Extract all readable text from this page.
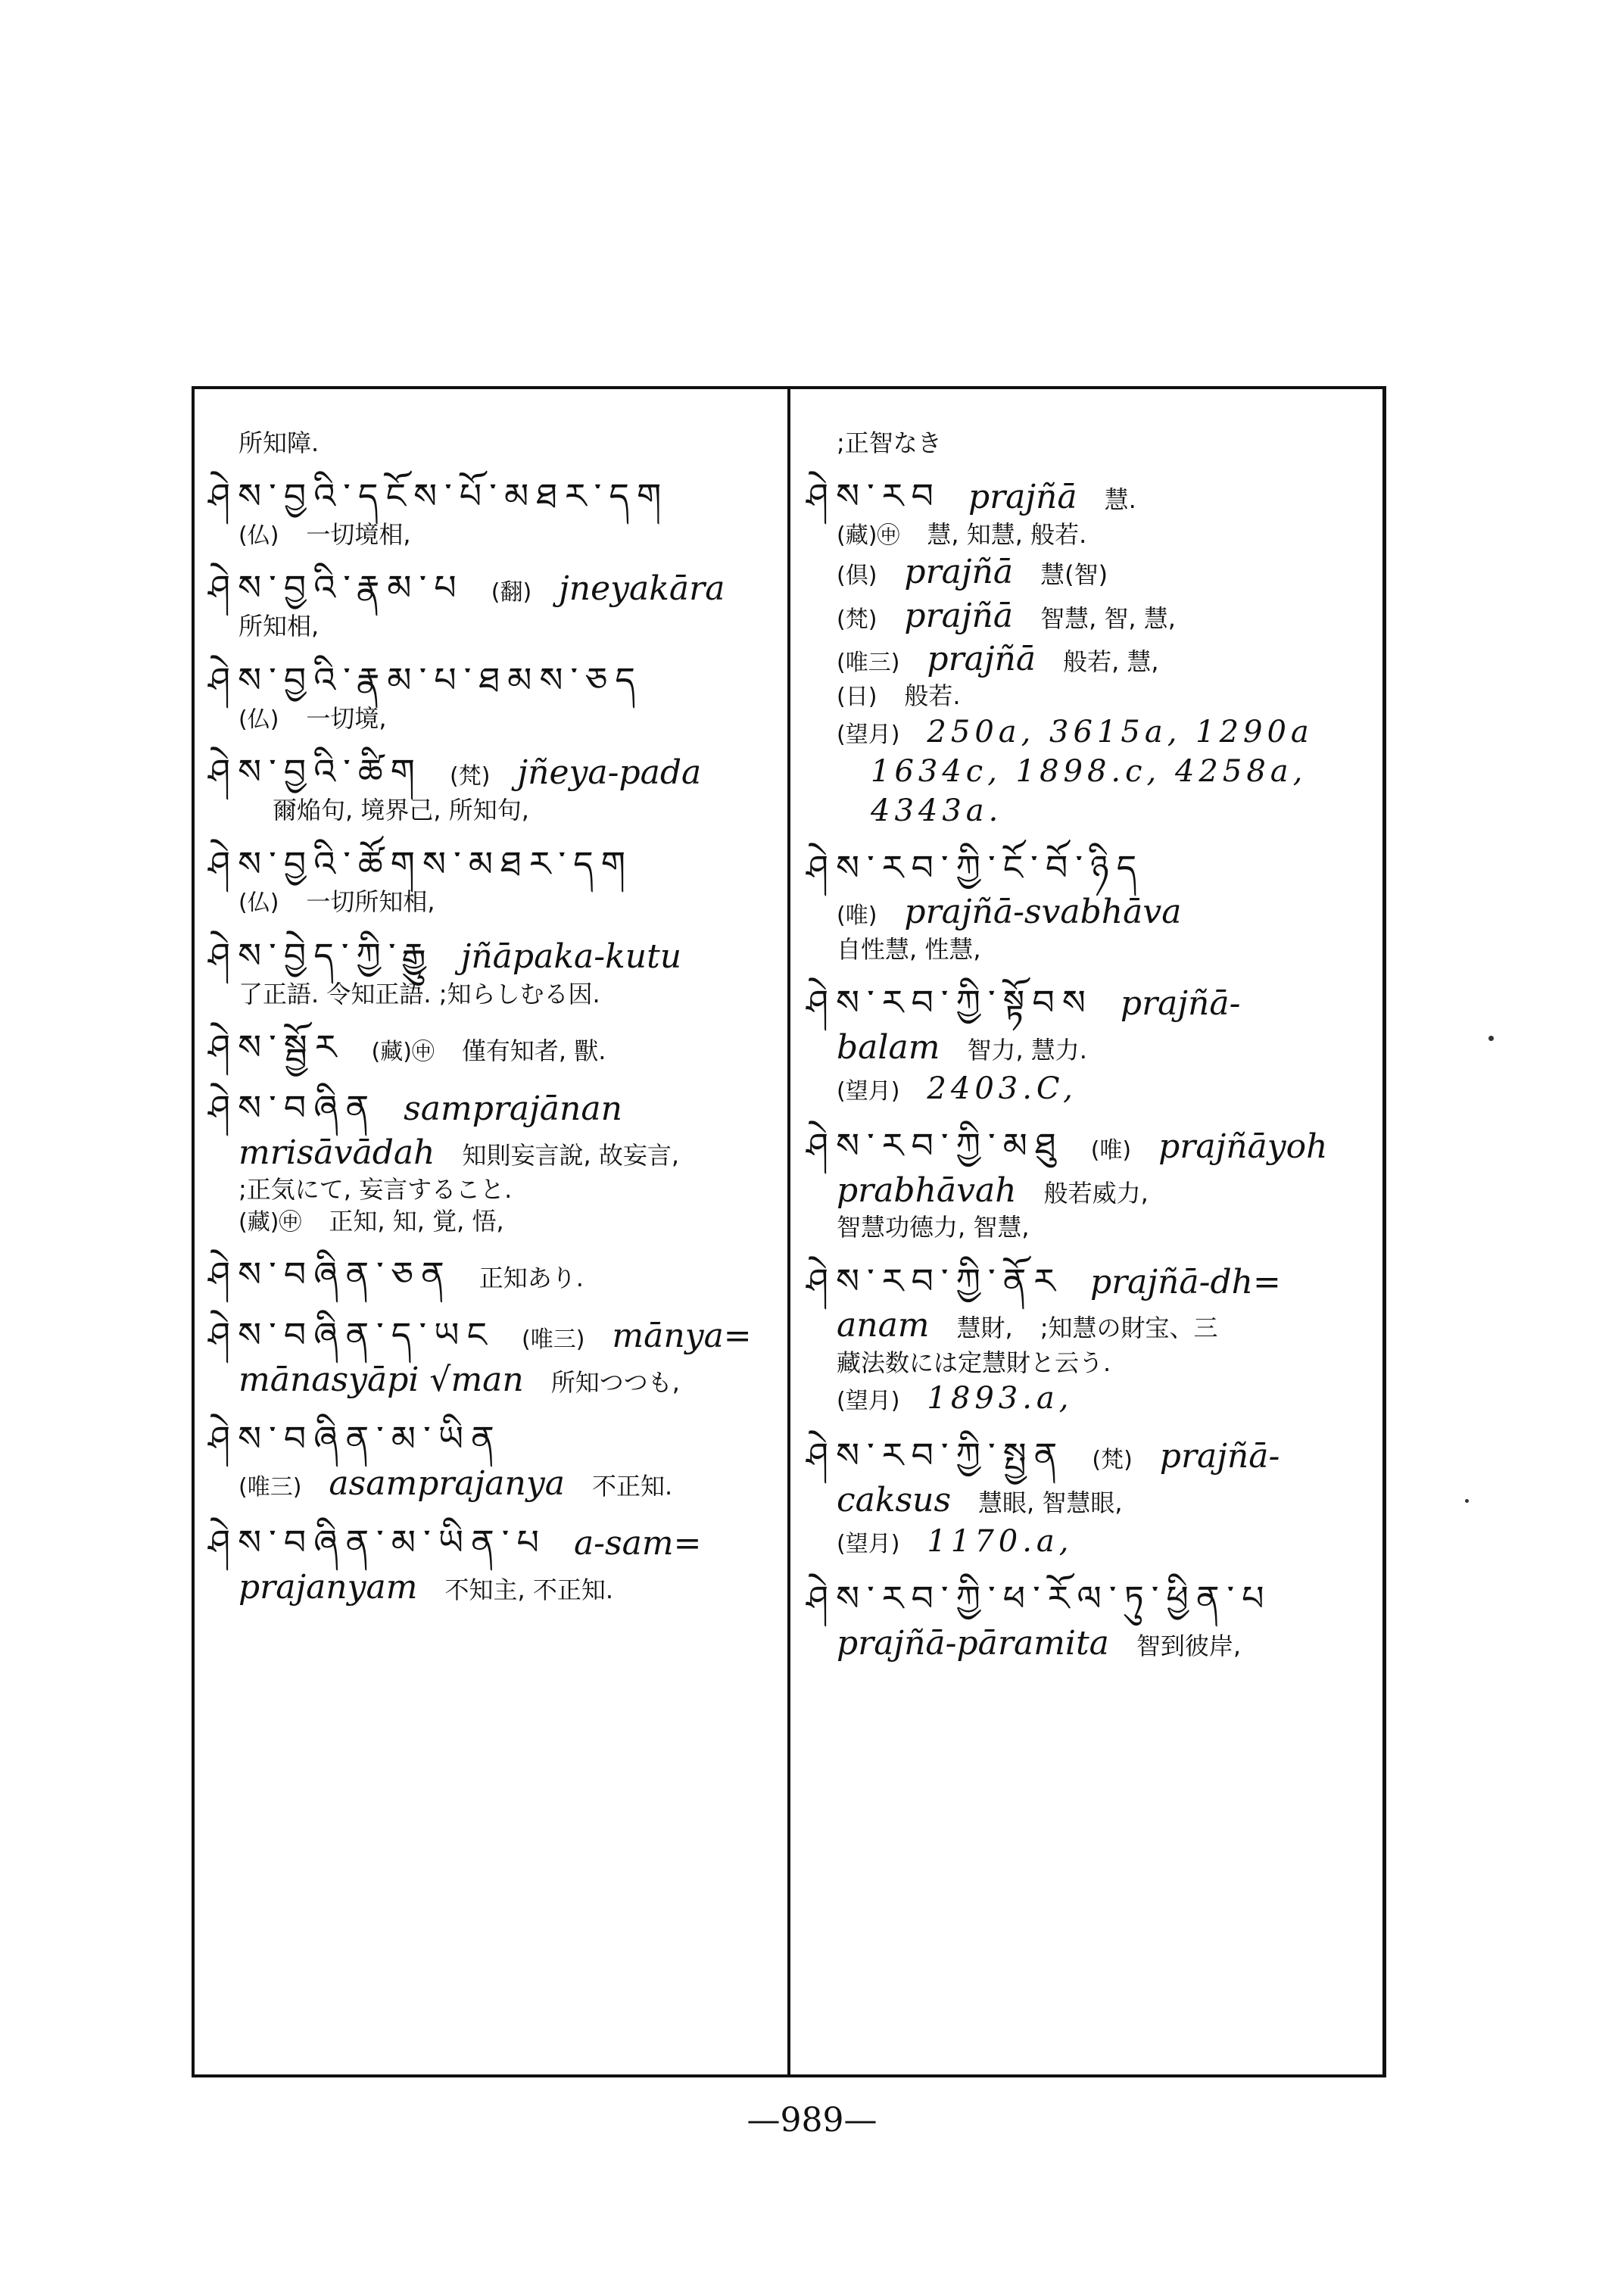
所知障.
ཤེས་བྱའི་དངོས་པོ་མཐར་དག
(仏) 一切境相,
ཤེས་བྱའི་རྣམ་པ (翻) jneyakāra
所知相,
ཤེས་བྱའི་རྣམ་པ་ཐམས་ཅད
(仏) 一切境,
ཤེས་བྱའི་ཚིག (梵) jñeya-pada
爾焔句, 境界己, 所知句,
ཤེས་བྱའི་ཚོགས་མཐར་དག
(仏) 一切所知相,
ཤེས་བྱེད་ཀྱི་རྒྱུ jñāpaka-kutu
了正語. 令知正語. ;知らしむる因.
ཤེས་སྦྱོར (藏)㊥ 僅有知者, 獸.
ཤེས་བཞིན samprajānan
mrisāvādah 知則妄言說, 故妄言,
;正気にて, 妄言すること.
(藏)㊥ 正知, 知, 覚, 悟,
ཤེས་བཞིན་ཅན 正知あり.
ཤེས་བཞིན་ད་ཡང (唯三) mānya=
mānasyāpi √man 所知つつも,
ཤེས་བཞིན་མ་ཡིན
(唯三) asamprajanya 不正知.
ཤེས་བཞིན་མ་ཡིན་པ a-sam=
prajanyam 不知主, 不正知.
;正智なき
ཤེས་རབ prajñā 慧.
(藏)㊥ 慧, 知慧, 般若.
(倶) prajñā 慧(智)
(梵) prajñā 智慧, 智, 慧,
(唯三) prajñā 般若, 慧,
(日) 般若.
(望月) 250a, 3615a, 1290a
1634c, 1898.c, 4258a,
4343a.
ཤེས་རབ་ཀྱི་ངོ་བོ་ཉིད
(唯) prajñā-svabhāva
自性慧, 性慧,
ཤེས་རབ་ཀྱི་སྟོབས prajñā-
balam 智力, 慧力.
(望月) 2403.C,
ཤེས་རབ་ཀྱི་མཐུ (唯) prajñāyoh
prabhāvah 般若威力,
智慧功德力, 智慧,
ཤེས་རབ་ཀྱི་ནོར prajñā-dh=
anam 慧財, ;知慧の財宝、三
藏法数には定慧財と云う.
(望月) 1893.a,
ཤེས་རབ་ཀྱི་སྤྱན (梵) prajñā-
caksus 慧眼, 智慧眼,
(望月) 1170.a,
ཤེས་རབ་ཀྱི་ཕ་རོལ་ཏུ་ཕྱིན་པ
prajñā-pāramita 智到彼岸,
—989—
